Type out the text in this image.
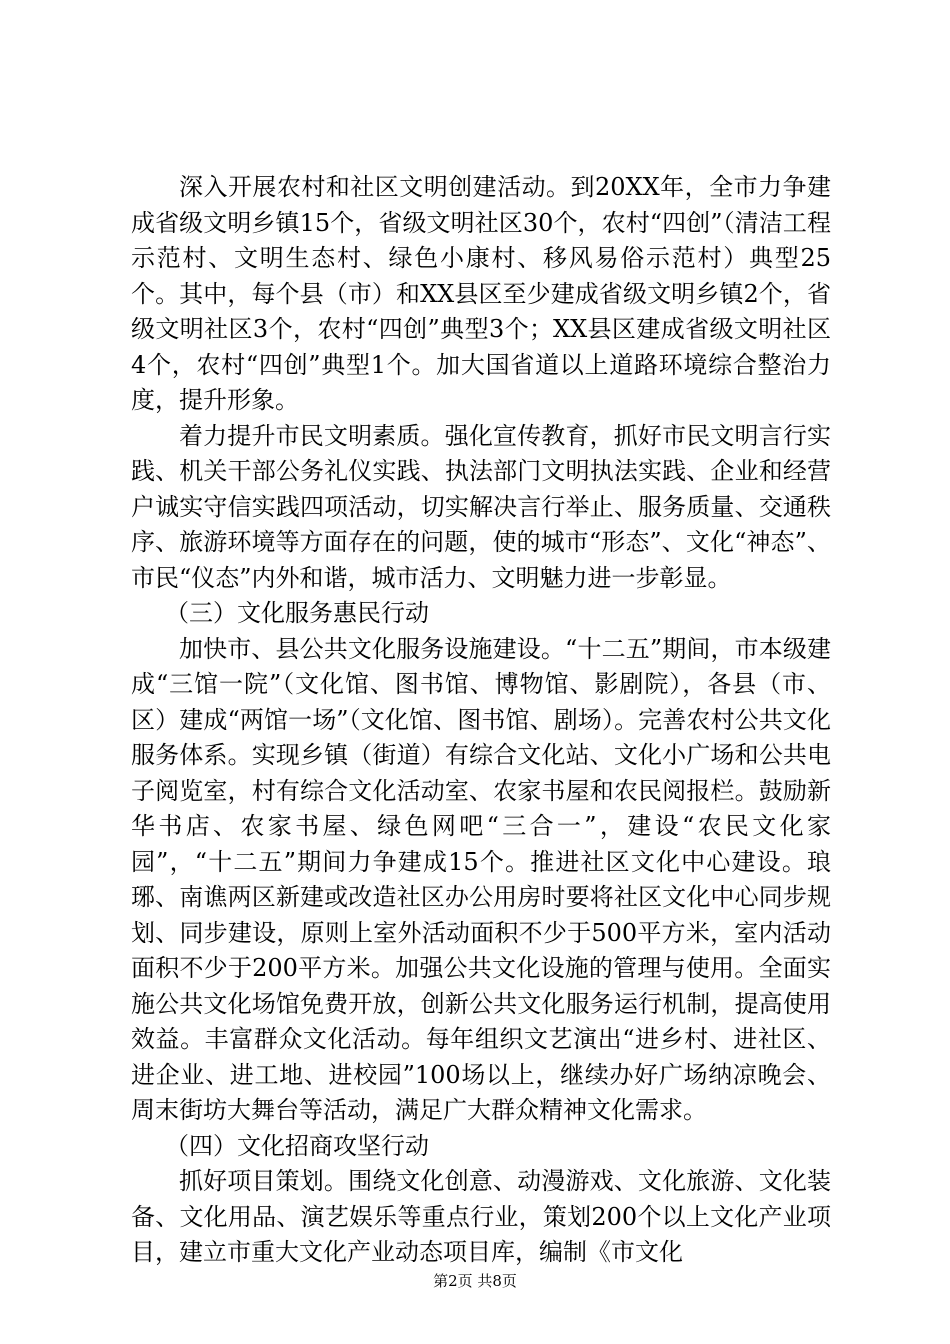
深入开展农村和社区文明创建活动。到20XX年，全市力争建成省级文明乡镇15个，省级文明社区30个，农村“四创”（清洁工程示范村、文明生态村、绿色小康村、移风易俗示范村）典型25个。其中，每个县（市）和XX县区至少建成省级文明乡镇2个，省级文明社区3个，农村“四创”典型3个；XX县区建成省级文明社区4个，农村“四创”典型1个。加大国省道以上道路环境综合整治力度，提升形象。

着力提升市民文明素质。强化宣传教育，抓好市民文明言行实践、机关干部公务礼仪实践、执法部门文明执法实践、企业和经营户诚实守信实践四项活动，切实解决言行举止、服务质量、交通秩序、旅游环境等方面存在的问题，使的城市“形态”、文化“神态”、市民“仪态”内外和谐，城市活力、文明魅力进一步彰显。

（三）文化服务惠民行动

加快市、县公共文化服务设施建设。“十二五”期间，市本级建成“三馆一院”（文化馆、图书馆、博物馆、影剧院），各县（市、区）建成“两馆一场”（文化馆、图书馆、剧场）。完善农村公共文化服务体系。实现乡镇（街道）有综合文化站、文化小广场和公共电子阅览室，村有综合文化活动室、农家书屋和农民阅报栏。鼓励新华书店、农家书屋、绿色网吧“三合一”，建设“农民文化家园”，“十二五”期间力争建成15个。推进社区文化中心建设。琅琊、南谯两区新建或改造社区办公用房时要将社区文化中心同步规划、同步建设，原则上室外活动面积不少于500平方米，室内活动面积不少于200平方米。加强公共文化设施的管理与使用。全面实施公共文化场馆免费开放，创新公共文化服务运行机制，提高使用效益。丰富群众文化活动。每年组织文艺演出“进乡村、进社区、进企业、进工地、进校园”100场以上，继续办好广场纳凉晚会、周末街坊大舞台等活动，满足广大群众精神文化需求。

（四）文化招商攻坚行动

抓好项目策划。围绕文化创意、动漫游戏、文化旅游、文化装备、文化用品、演艺娱乐等重点行业，策划200个以上文化产业项目，建立市重大文化产业动态项目库，编制《市文化

第2页 共8页
